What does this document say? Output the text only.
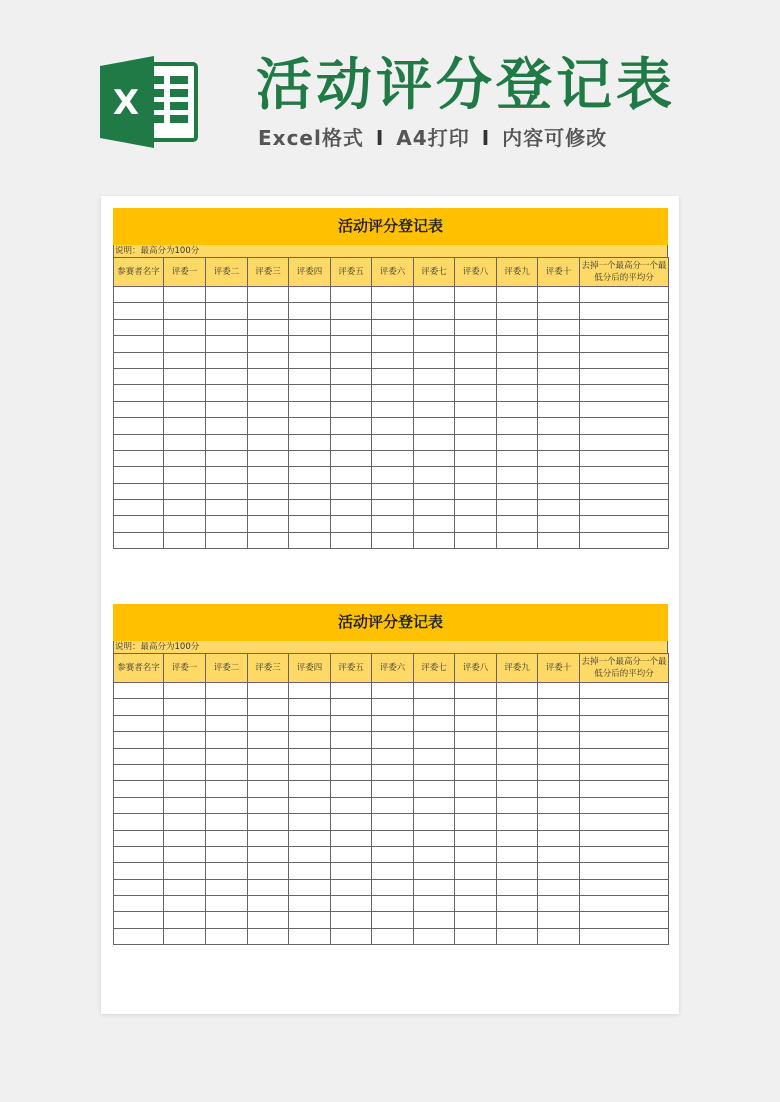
X 活动评分登记表
Excel格式 I A4打印 I 内容可修改
活动评分登记表
说明：最高分为100分
参赛者名字	评委一	评委二	评委三	评委四	评委五	评委六	评委七	评委八	评委九	评委十	去掉一个最高分一个最低分后的平均分

活动评分登记表
说明：最高分为100分
参赛者名字	评委一	评委二	评委三	评委四	评委五	评委六	评委七	评委八	评委九	评委十	去掉一个最高分一个最低分后的平均分
